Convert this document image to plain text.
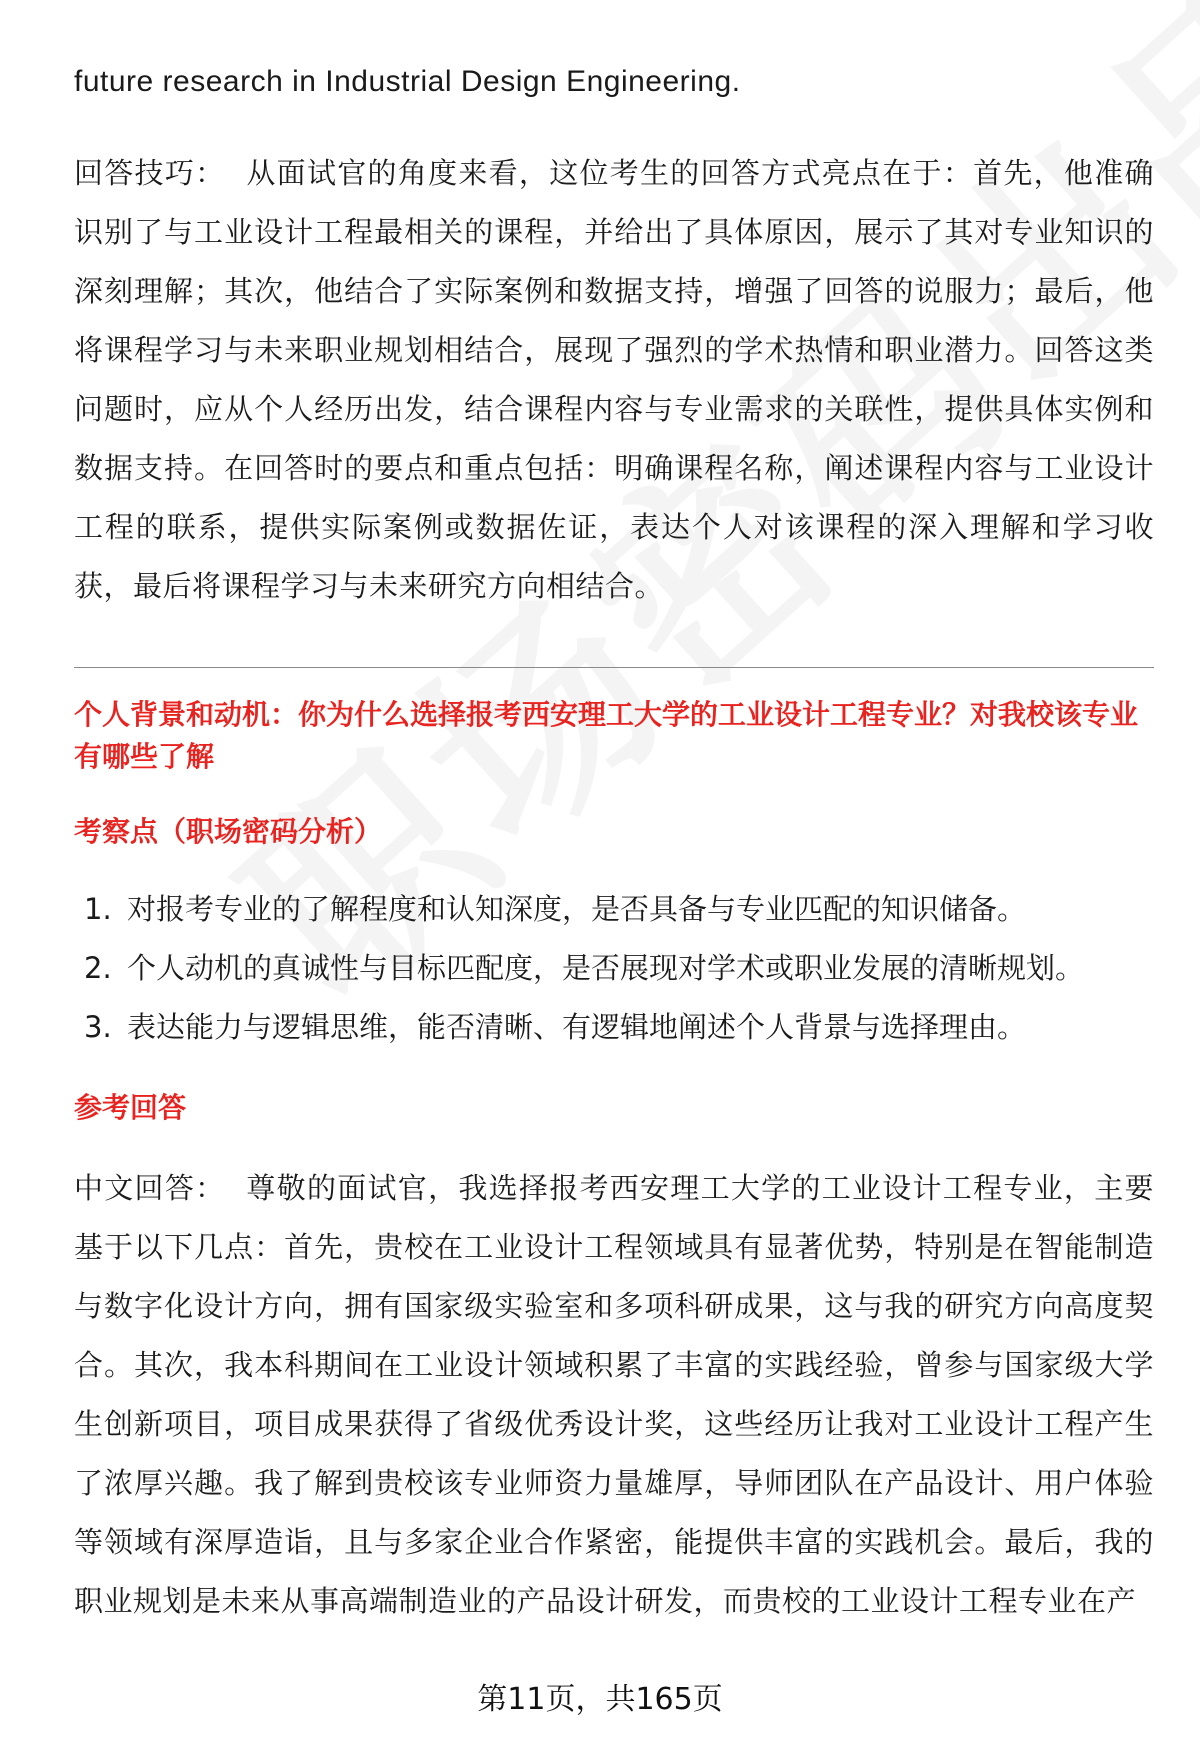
future research in Industrial Design Engineering.

回答技巧： 从面试官的角度来看，这位考生的回答方式亮点在于：首先，他准确识别了与工业设计工程最相关的课程，并给出了具体原因，展示了其对专业知识的深刻理解；其次，他结合了实际案例和数据支持，增强了回答的说服力；最后，他将课程学习与未来职业规划相结合，展现了强烈的学术热情和职业潜力。回答这类问题时，应从个人经历出发，结合课程内容与专业需求的关联性，提供具体实例和数据支持。在回答时的要点和重点包括：明确课程名称，阐述课程内容与工业设计工程的联系，提供实际案例或数据佐证，表达个人对该课程的深入理解和学习收获，最后将课程学习与未来研究方向相结合。

个人背景和动机：你为什么选择报考西安理工大学的工业设计工程专业？对我校该专业有哪些了解
考察点（职场密码分析）
1. 对报考专业的了解程度和认知深度，是否具备与专业匹配的知识储备。
2. 个人动机的真诚性与目标匹配度，是否展现对学术或职业发展的清晰规划。
3. 表达能力与逻辑思维，能否清晰、有逻辑地阐述个人背景与选择理由。
参考回答

中文回答： 尊敬的面试官，我选择报考西安理工大学的工业设计工程专业，主要基于以下几点：首先，贵校在工业设计工程领域具有显著优势，特别是在智能制造与数字化设计方向，拥有国家级实验室和多项科研成果，这与我的研究方向高度契合。其次，我本科期间在工业设计领域积累了丰富的实践经验，曾参与国家级大学生创新项目，项目成果获得了省级优秀设计奖，这些经历让我对工业设计工程产生了浓厚兴趣。我了解到贵校该专业师资力量雄厚，导师团队在产品设计、用户体验等领域有深厚造诣，且与多家企业合作紧密，能提供丰富的实践机会。最后，我的职业规划是未来从事高端制造业的产品设计研发，而贵校的工业设计工程专业在产

第11页，共165页
